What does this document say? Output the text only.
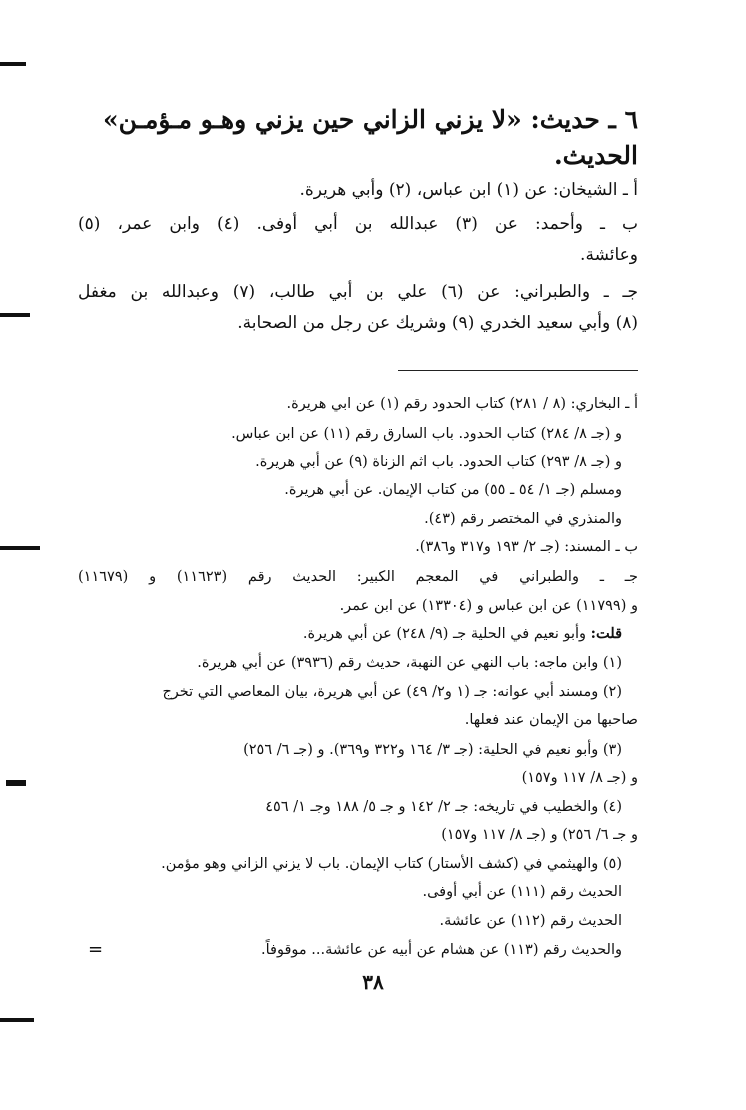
٦ ـ حديث: «لا يزني الزاني حين يزني وهـو مـؤمـن»
الحديث.
أ ـ الشيخان: عن (١) ابن عباس، (٢) وأبي هريرة.
ب ـ وأحمد: عن (٣) عبدالله بن أبي أوفى. (٤) وابن عمر، (٥)
وعائشة.
جـ ـ والطبراني: عن (٦) علي بن أبي طالب، (٧) وعبدالله بن مغفل
(٨) وأبي سعيد الخدري (٩) وشريك عن رجل من الصحابة.
أ ـ البخاري: (٨ / ٢٨١) كتاب الحدود رقم (١) عن ابي هريرة.
و (جـ ٨/ ٢٨٤) كتاب الحدود. باب السارق رقم (١١) عن ابن عباس.
و (جـ ٨/ ٢٩٣) كتاب الحدود. باب اثم الزناة (٩) عن أبي هريرة.
ومسلم (جـ ١/ ٥٤ ـ ٥٥) من كتاب الإيمان. عن أبي هريرة.
والمنذري في المختصر رقم (٤٣).
ب ـ المسند: (جـ ٢/ ١٩٣ و٣١٧ و٣٨٦).
جـ ـ والطبراني في المعجم الكبير: الحديث رقم (١١٦٢٣) و (١١٦٧٩)
و (١١٧٩٩) عن ابن عباس و (١٣٣٠٤) عن ابن عمر.
قلت: وأبو نعيم في الحلية جـ (٩/ ٢٤٨) عن أبي هريرة.
(١) وابن ماجه: باب النهي عن النهبة، حديث رقم (٣٩٣٦) عن أبي هريرة.
(٢) ومسند أبي عوانه: جـ (١ و٢/ ٤٩) عن أبي هريرة، بيان المعاصي التي تخرج
صاحبها من الإيمان عند فعلها.
(٣) وأبو نعيم في الحلية: (جـ ٣/ ١٦٤ و٣٢٢ و٣٦٩). و (جـ ٦/ ٢٥٦)
و (جـ ٨/ ١١٧ و١٥٧)
(٤) والخطيب في تاريخه: جـ ٢/ ١٤٢ و جـ ٥/ ١٨٨ وجـ ١/ ٤٥٦
و جـ ٦/ ٢٥٦) و (جـ ٨/ ١١٧ و١٥٧)
(٥) والهيثمي في (كشف الأستار) كتاب الإيمان. باب لا يزني الزاني وهو مؤمن.
الحديث رقم (١١١) عن أبي أوفى.
الحديث رقم (١١٢) عن عائشة.
والحديث رقم (١١٣) عن هشام عن أبيه عن عائشة... موقوفاً.
=
٣٨
